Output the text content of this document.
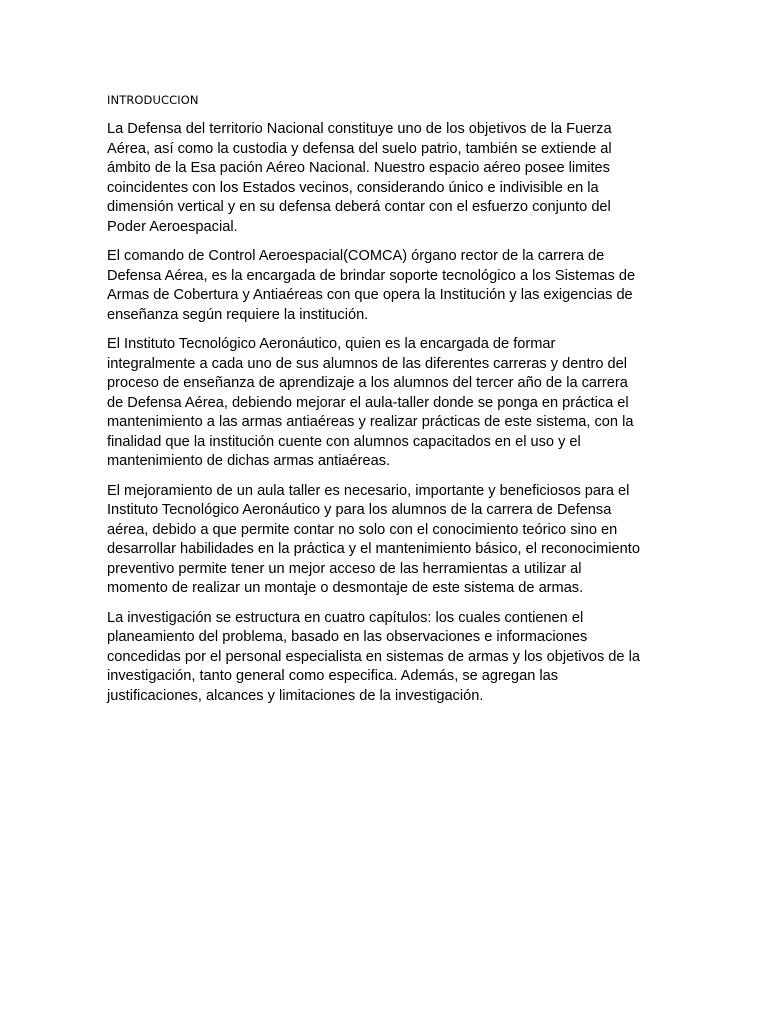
INTRODUCCION

La Defensa del territorio Nacional constituye uno de los objetivos de la Fuerza
Aérea, así como la custodia y defensa del suelo patrio, también se extiende al
ámbito de la Esa pación Aéreo Nacional. Nuestro espacio aéreo posee limites
coincidentes con los Estados vecinos, considerando único e indivisible en la
dimensión vertical y en su defensa deberá contar con el esfuerzo conjunto del
Poder Aeroespacial.

El comando de Control Aeroespacial(COMCA) órgano rector de la carrera de
Defensa Aérea, es la encargada de brindar soporte tecnológico a los Sistemas de
Armas de Cobertura y Antiaéreas con que opera la Institución y las exigencias de
enseñanza según requiere la institución.

El Instituto Tecnológico Aeronáutico, quien es la encargada de formar
integralmente a cada uno de sus alumnos de las diferentes carreras y dentro del
proceso de enseñanza de aprendizaje a los alumnos del tercer año de la carrera
de Defensa Aérea, debiendo mejorar el aula-taller donde se ponga en práctica el
mantenimiento a las armas antiaéreas y realizar prácticas de este sistema, con la
finalidad que la institución cuente con alumnos capacitados en el uso y el
mantenimiento de dichas armas antiaéreas.

El mejoramiento de un aula taller es necesario, importante y beneficiosos para el
Instituto Tecnológico Aeronáutico y para los alumnos de la carrera de Defensa
aérea, debido a que permite contar no solo con el conocimiento teórico sino en
desarrollar habilidades en la práctica y el mantenimiento básico, el reconocimiento
preventivo permite tener un mejor acceso de las herramientas a utilizar al
momento de realizar un montaje o desmontaje de este sistema de armas.

La investigación se estructura en cuatro capítulos: los cuales contienen el
planeamiento del problema, basado en las observaciones e informaciones
concedidas por el personal especialista en sistemas de armas y los objetivos de la
investigación, tanto general como especifica. Además, se agregan las
justificaciones, alcances y limitaciones de la investigación.
